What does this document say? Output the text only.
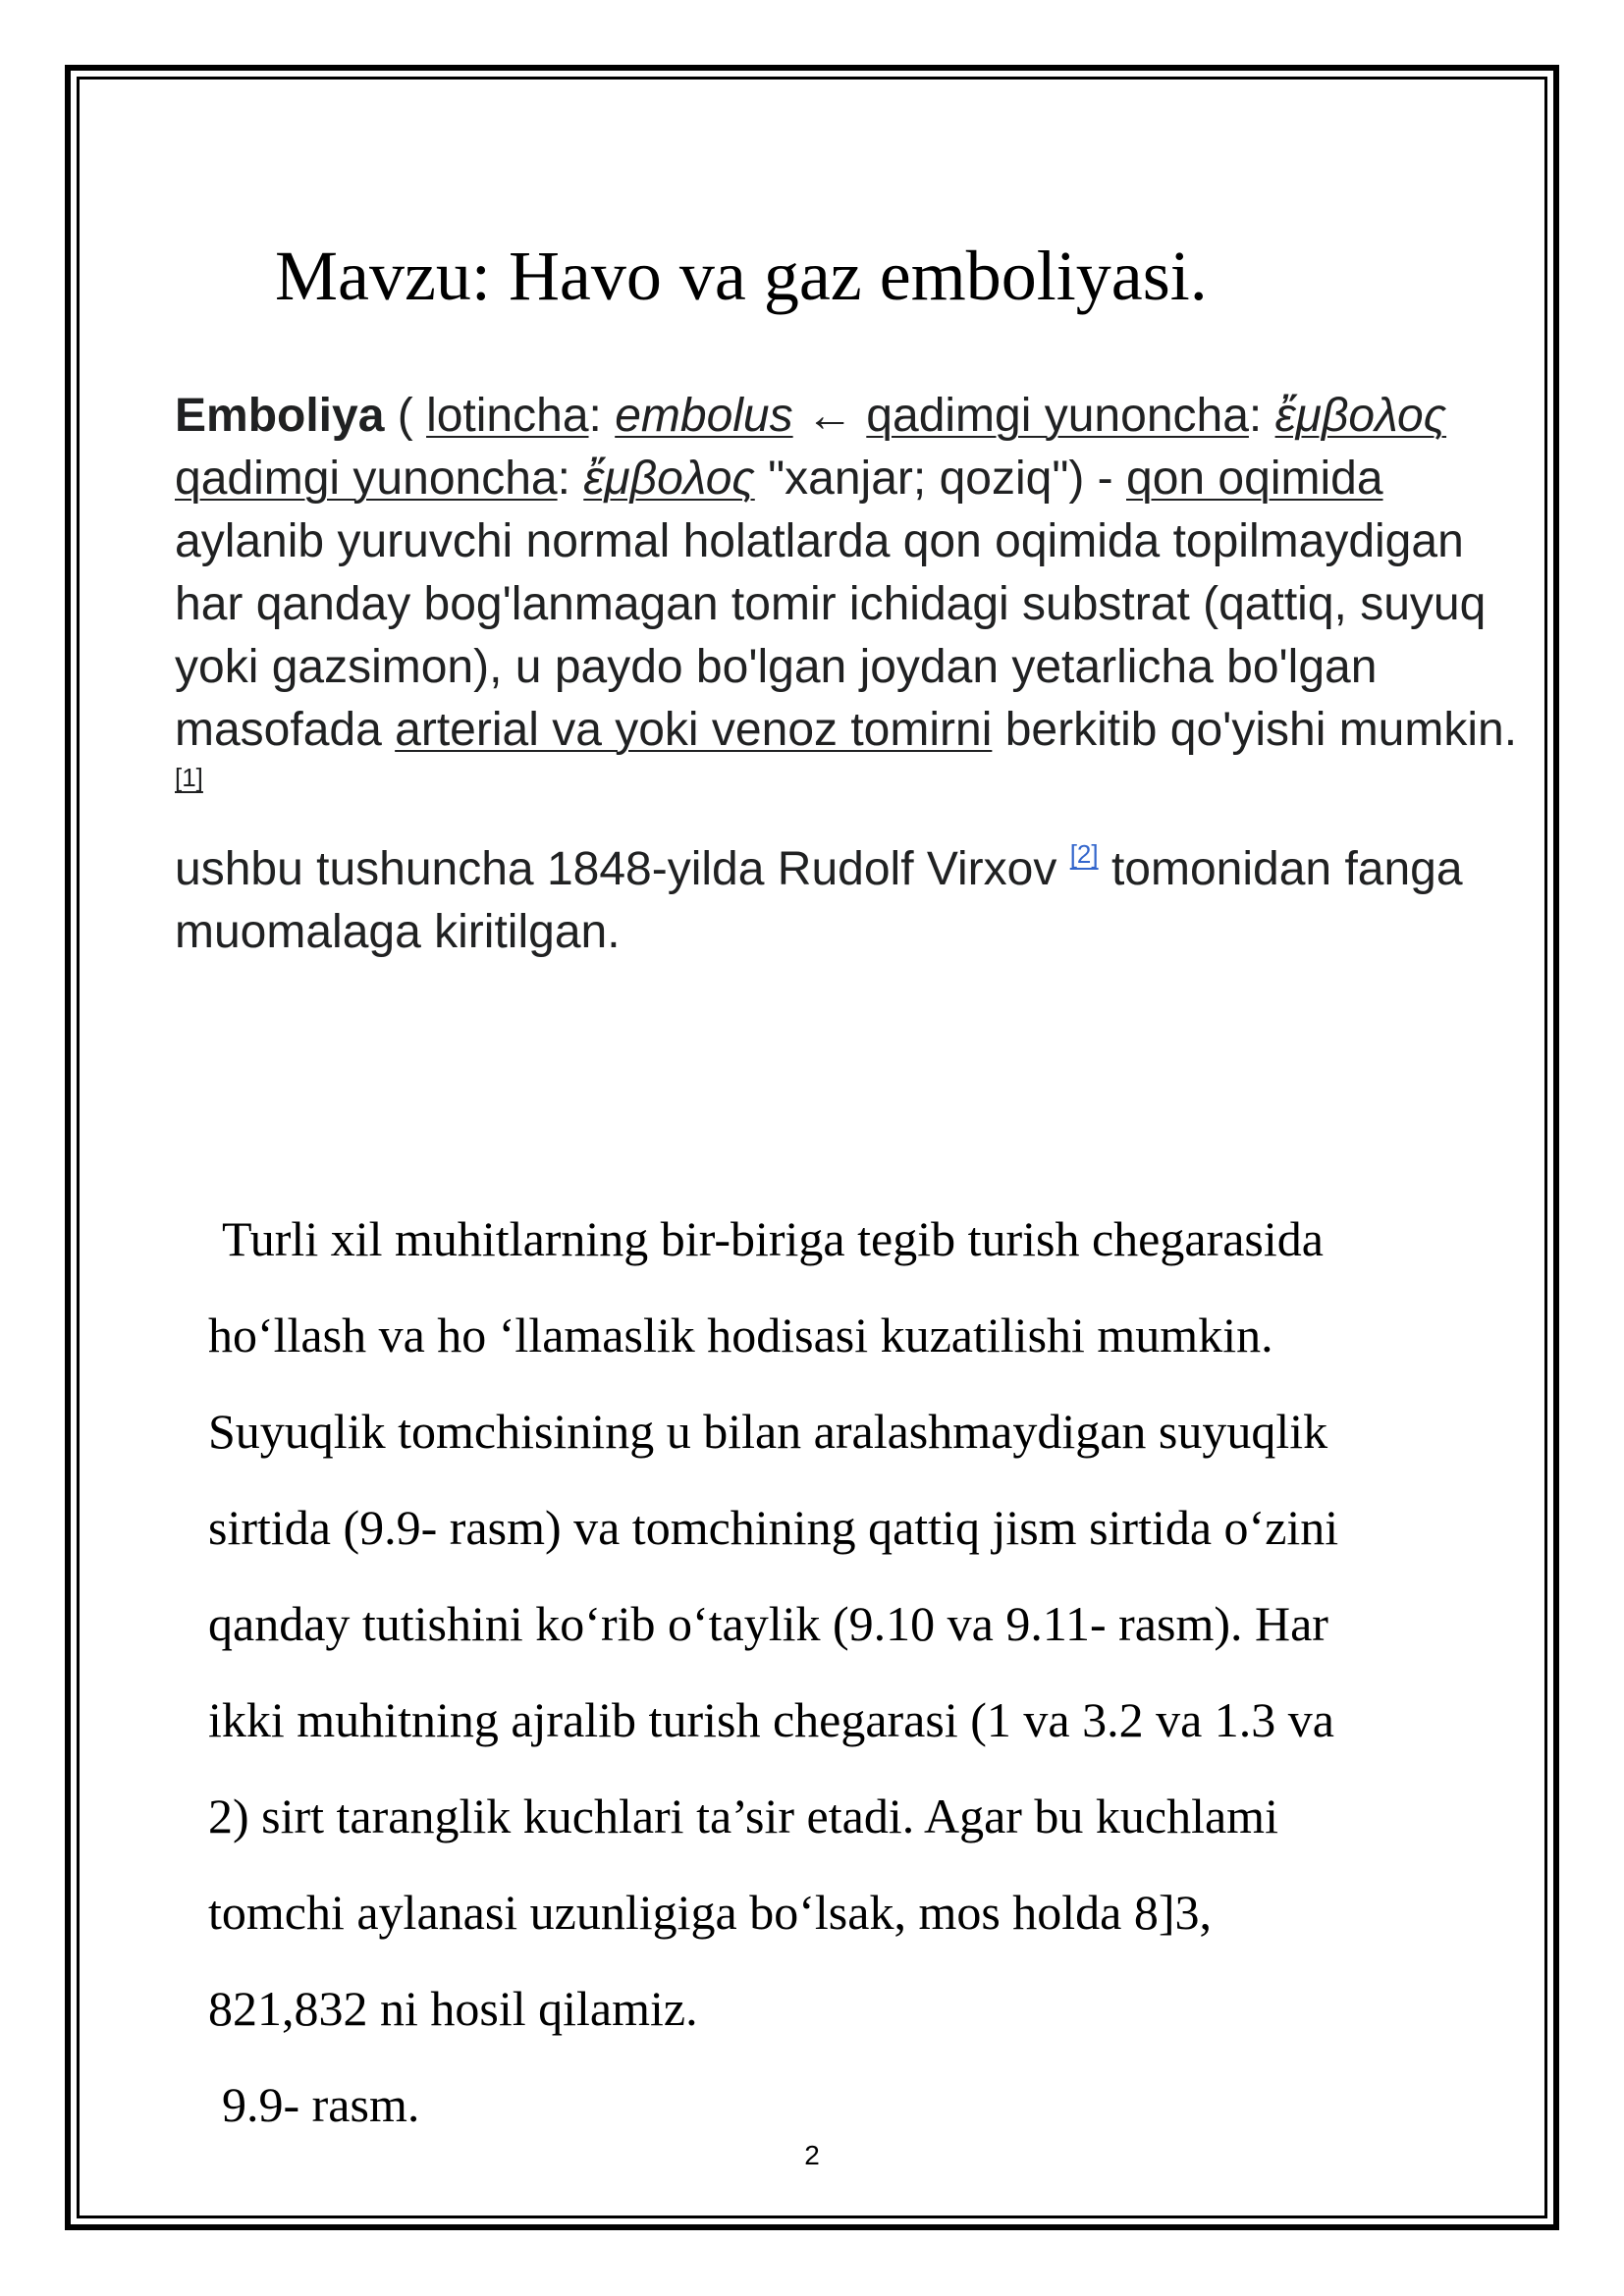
Mavzu: Havo va gaz emboliyasi.

Emboliya ( lotincha: embolus ← qadimgi yunoncha: ἔμβολος qadimgi yunoncha: ἔμβολος "xanjar; qoziq") - qon oqimida aylanib yuruvchi normal holatlarda qon oqimida topilmaydigan har qanday bog'lanmagan tomir ichidagi substrat (qattiq, suyuq yoki gazsimon), u paydo bo'lgan joydan yetarlicha bo'lgan masofada arterial va yoki venoz tomirni berkitib qo'yishi mumkin. [1]

ushbu tushuncha 1848-yilda Rudolf Virxov [2] tomonidan fanga muomalaga kiritilgan.

Turli xil muhitlarning bir-biriga tegib turish chegarasida
ho‘llash va ho ‘llamaslik hodisasi kuzatilishi mumkin.
Suyuqlik tomchisining u bilan aralashmaydigan suyuqlik
sirtida (9.9- rasm) va tomchining qattiq jism sirtida o‘zini
qanday tutishini ko‘rib o‘taylik (9.10 va 9.11- rasm). Har
ikki muhitning ajralib turish chegarasi (1 va 3.2 va 1.3 va
2) sirt taranglik kuchlari ta’sir etadi. Agar bu kuchlami
tomchi aylanasi uzunligiga bo‘lsak, mos holda 8]3,
821,832 ni hosil qilamiz.
9.9- rasm.
2
